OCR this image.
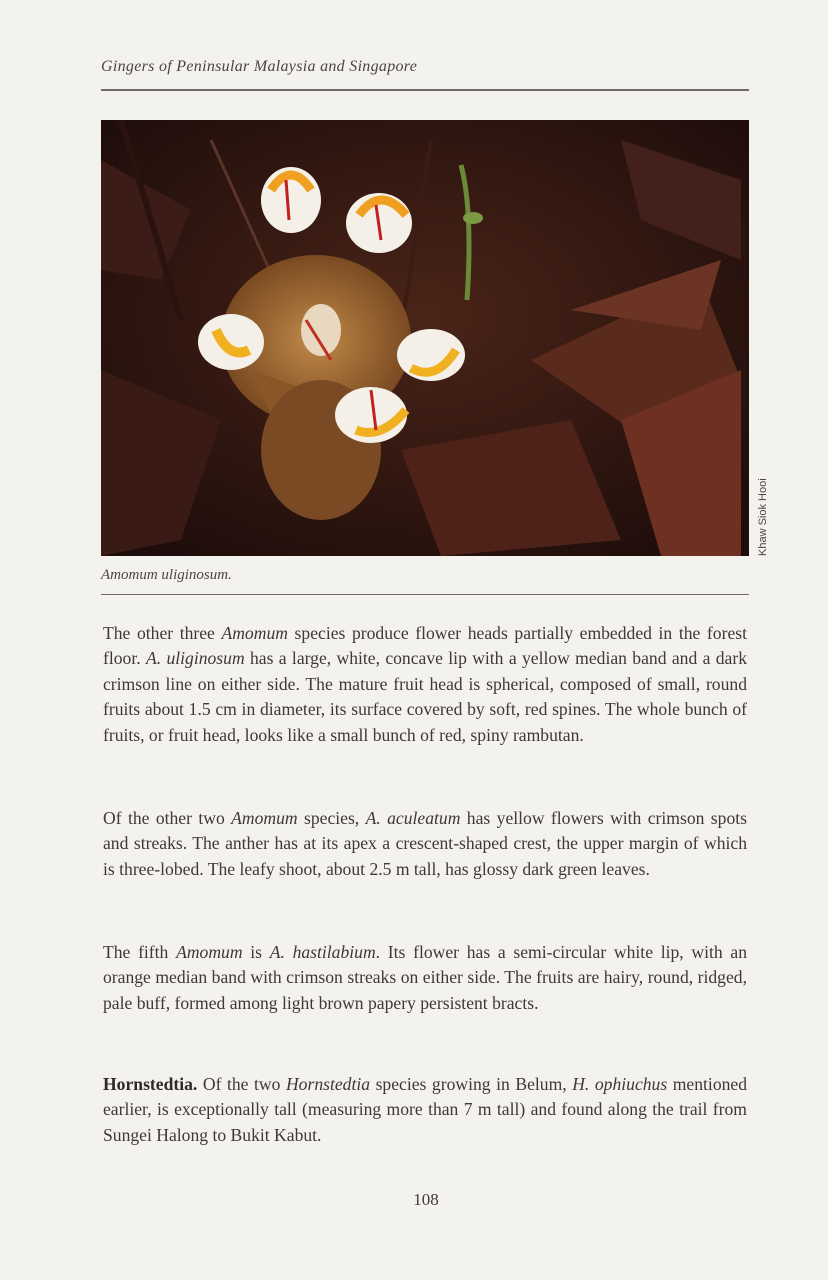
Gingers of Peninsular Malaysia and Singapore
Khaw Siok Hooi
Amomum uliginosum.
The other three Amomum species produce flower heads partially embedded in the forest floor. A. uliginosum has a large, white, concave lip with a yellow median band and a dark crimson line on either side. The mature fruit head is spherical, composed of small, round fruits about 1.5 cm in diameter, its surface covered by soft, red spines. The whole bunch of fruits, or fruit head, looks like a small bunch of red, spiny rambutan.
Of the other two Amomum species, A. aculeatum has yellow flowers with crimson spots and streaks. The anther has at its apex a crescent-shaped crest, the upper margin of which is three-lobed. The leafy shoot, about 2.5 m tall, has glossy dark green leaves.
The fifth Amomum is A. hastilabium. Its flower has a semi-circular white lip, with an orange median band with crimson streaks on either side. The fruits are hairy, round, ridged, pale buff, formed among light brown papery persistent bracts.
Hornstedtia. Of the two Hornstedtia species growing in Belum, H. ophiuchus mentioned earlier, is exceptionally tall (measuring more than 7 m tall) and found along the trail from Sungei Halong to Bukit Kabut.
108
